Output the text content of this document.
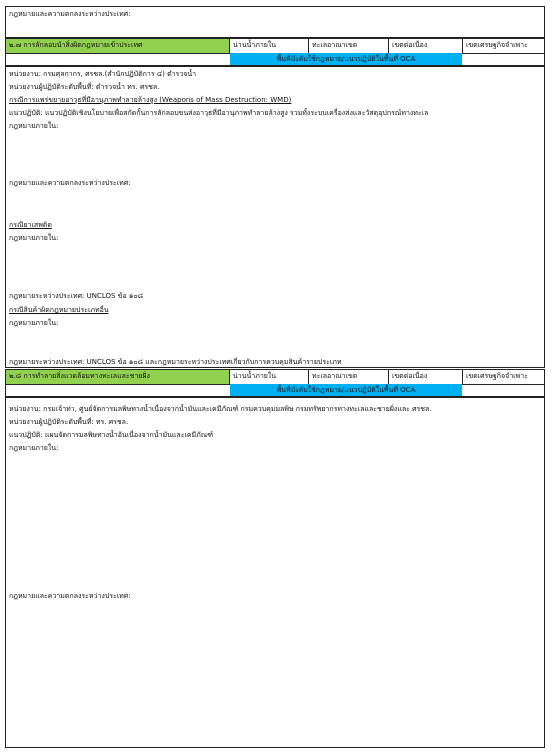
กฎหมายและความตกลงระหว่างประเทศ:
๒.๗ การลักลอบนำสิ่งผิดกฎหมายเข้าประเทศ	น่านน้ำภายใน	ทะเลอาณาเขต	เขตต่อเนื่อง	เขตเศรษฐกิจจำเพาะ
พื้นที่บังคับใช้กฎหมาย/แนวปฏิบัติในพื้นที่ OCA
หน่วยงาน: กรมศุลกากร, ศรชล.(สำนักปฏิบัติการ ๔) ตำรวจน้ำ
หน่วยงานผู้ปฏิบัติระดับพื้นที่: ตำรวจน้ำ ทร. ศรชล.
กรณีการแพร่ขยายอาวุธที่มีอานุภาพทำลายล้างสูง (Weapons of Mass Destruction: WMD)
แนวปฏิบัติ: แนวปฏิบัติเชิงนโยบายเพื่อสกัดกั้นการลักลอบขนส่งอาวุธที่มีอานุภาพทำลายล้างสูง รวมทั้งระบบเครื่องส่งและวัสดุอุปกรณ์ทางทะเล
กฎหมายภายใน:
กฎหมายและความตกลงระหว่างประเทศ:
กรณียาเสพติด
กฎหมายภายใน:
กฎหมายระหว่างประเทศ: UNCLOS ข้อ ๑๐๘
กรณีสินค้าผิดกฎหมายประเภทอื่น
กฎหมายภายใน:
กฎหมายระหว่างประเทศ: UNCLOS ข้อ ๑๐๘ และกฎหมายระหว่างประเทศเกี่ยวกับการควบคุมสินค้ารายประเภท
๒.๘ การทำลายสิ่งแวดล้อมทางทะเลและชายฝั่ง	น่านน้ำภายใน	ทะเลอาณาเขต	เขตต่อเนื่อง	เขตเศรษฐกิจจำเพาะ
พื้นที่บังคับใช้กฎหมาย/แนวปฏิบัติในพื้นที่ OCA
หน่วยงาน: กรมเจ้าท่า, ศูนย์จัดการมลพิษทางน้ำเนื่องจากน้ำมันและเคมีภัณฑ์ กรมควบคุมมลพิษ กรมทรัพยากรทางทะเลและชายฝั่งและ ศรชล.
หน่วยงานผู้ปฏิบัติระดับพื้นที่: ทร. ศรชล.
แนวปฏิบัติ: แผนจัดการมลพิษทางน้ำอันเนื่องจากน้ำมันและเคมีภัณฑ์
กฎหมายภายใน:
กฎหมายและความตกลงระหว่างประเทศ:
